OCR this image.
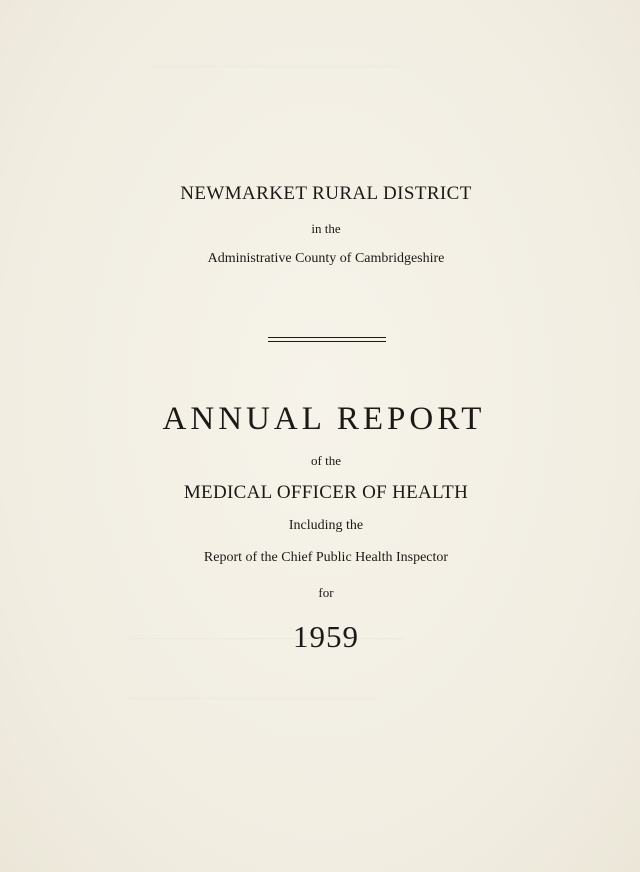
NEWMARKET RURAL DISTRICT
in the
Administrative County of Cambridgeshire
ANNUAL REPORT
of the
MEDICAL OFFICER OF HEALTH
Including the
Report of the Chief Public Health Inspector
for
1959
